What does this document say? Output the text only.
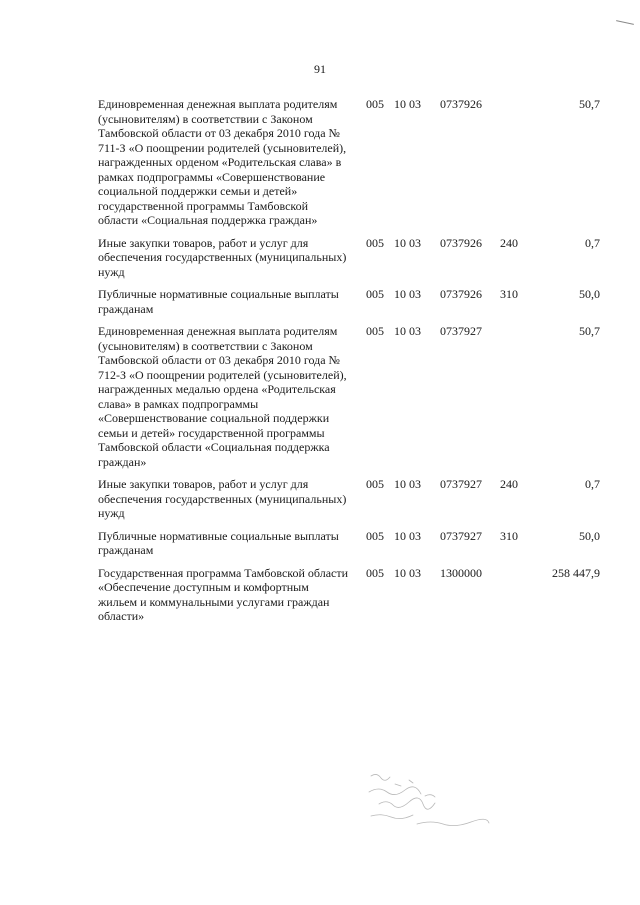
91
Единовременная денежная выплата родителям (усыновителям) в соответствии с Законом Тамбовской области от 03 декабря 2010 года № 711-З «О поощрении родителей (усыновителей), награжденных орденом «Родительская слава» в рамках подпрограммы «Совершенствование социальной поддержки семьи и детей» государственной программы Тамбовской области «Социальная поддержка граждан»
005 10 03 0737926	50,7
Иные закупки товаров, работ и услуг для обеспечения государственных (муниципальных) нужд
005 10 03 0737926 240	0,7
Публичные нормативные социальные выплаты гражданам
005 10 03 0737926 310	50,0
Единовременная денежная выплата родителям (усыновителям) в соответствии с Законом Тамбовской области от 03 декабря 2010 года № 712-З «О поощрении родителей (усыновителей), награжденных медалью ордена «Родительская слава» в рамках подпрограммы «Совершенствование социальной поддержки семьи и детей» государственной программы Тамбовской области «Социальная поддержка граждан»
005 10 03 0737927	50,7
Иные закупки товаров, работ и услуг для обеспечения государственных (муниципальных) нужд
005 10 03 0737927 240	0,7
Публичные нормативные социальные выплаты гражданам
005 10 03 0737927 310	50,0
Государственная программа Тамбовской области «Обеспечение доступным и комфортным жильем и коммунальными услугами граждан области»
005 10 03 1300000	258 447,9
